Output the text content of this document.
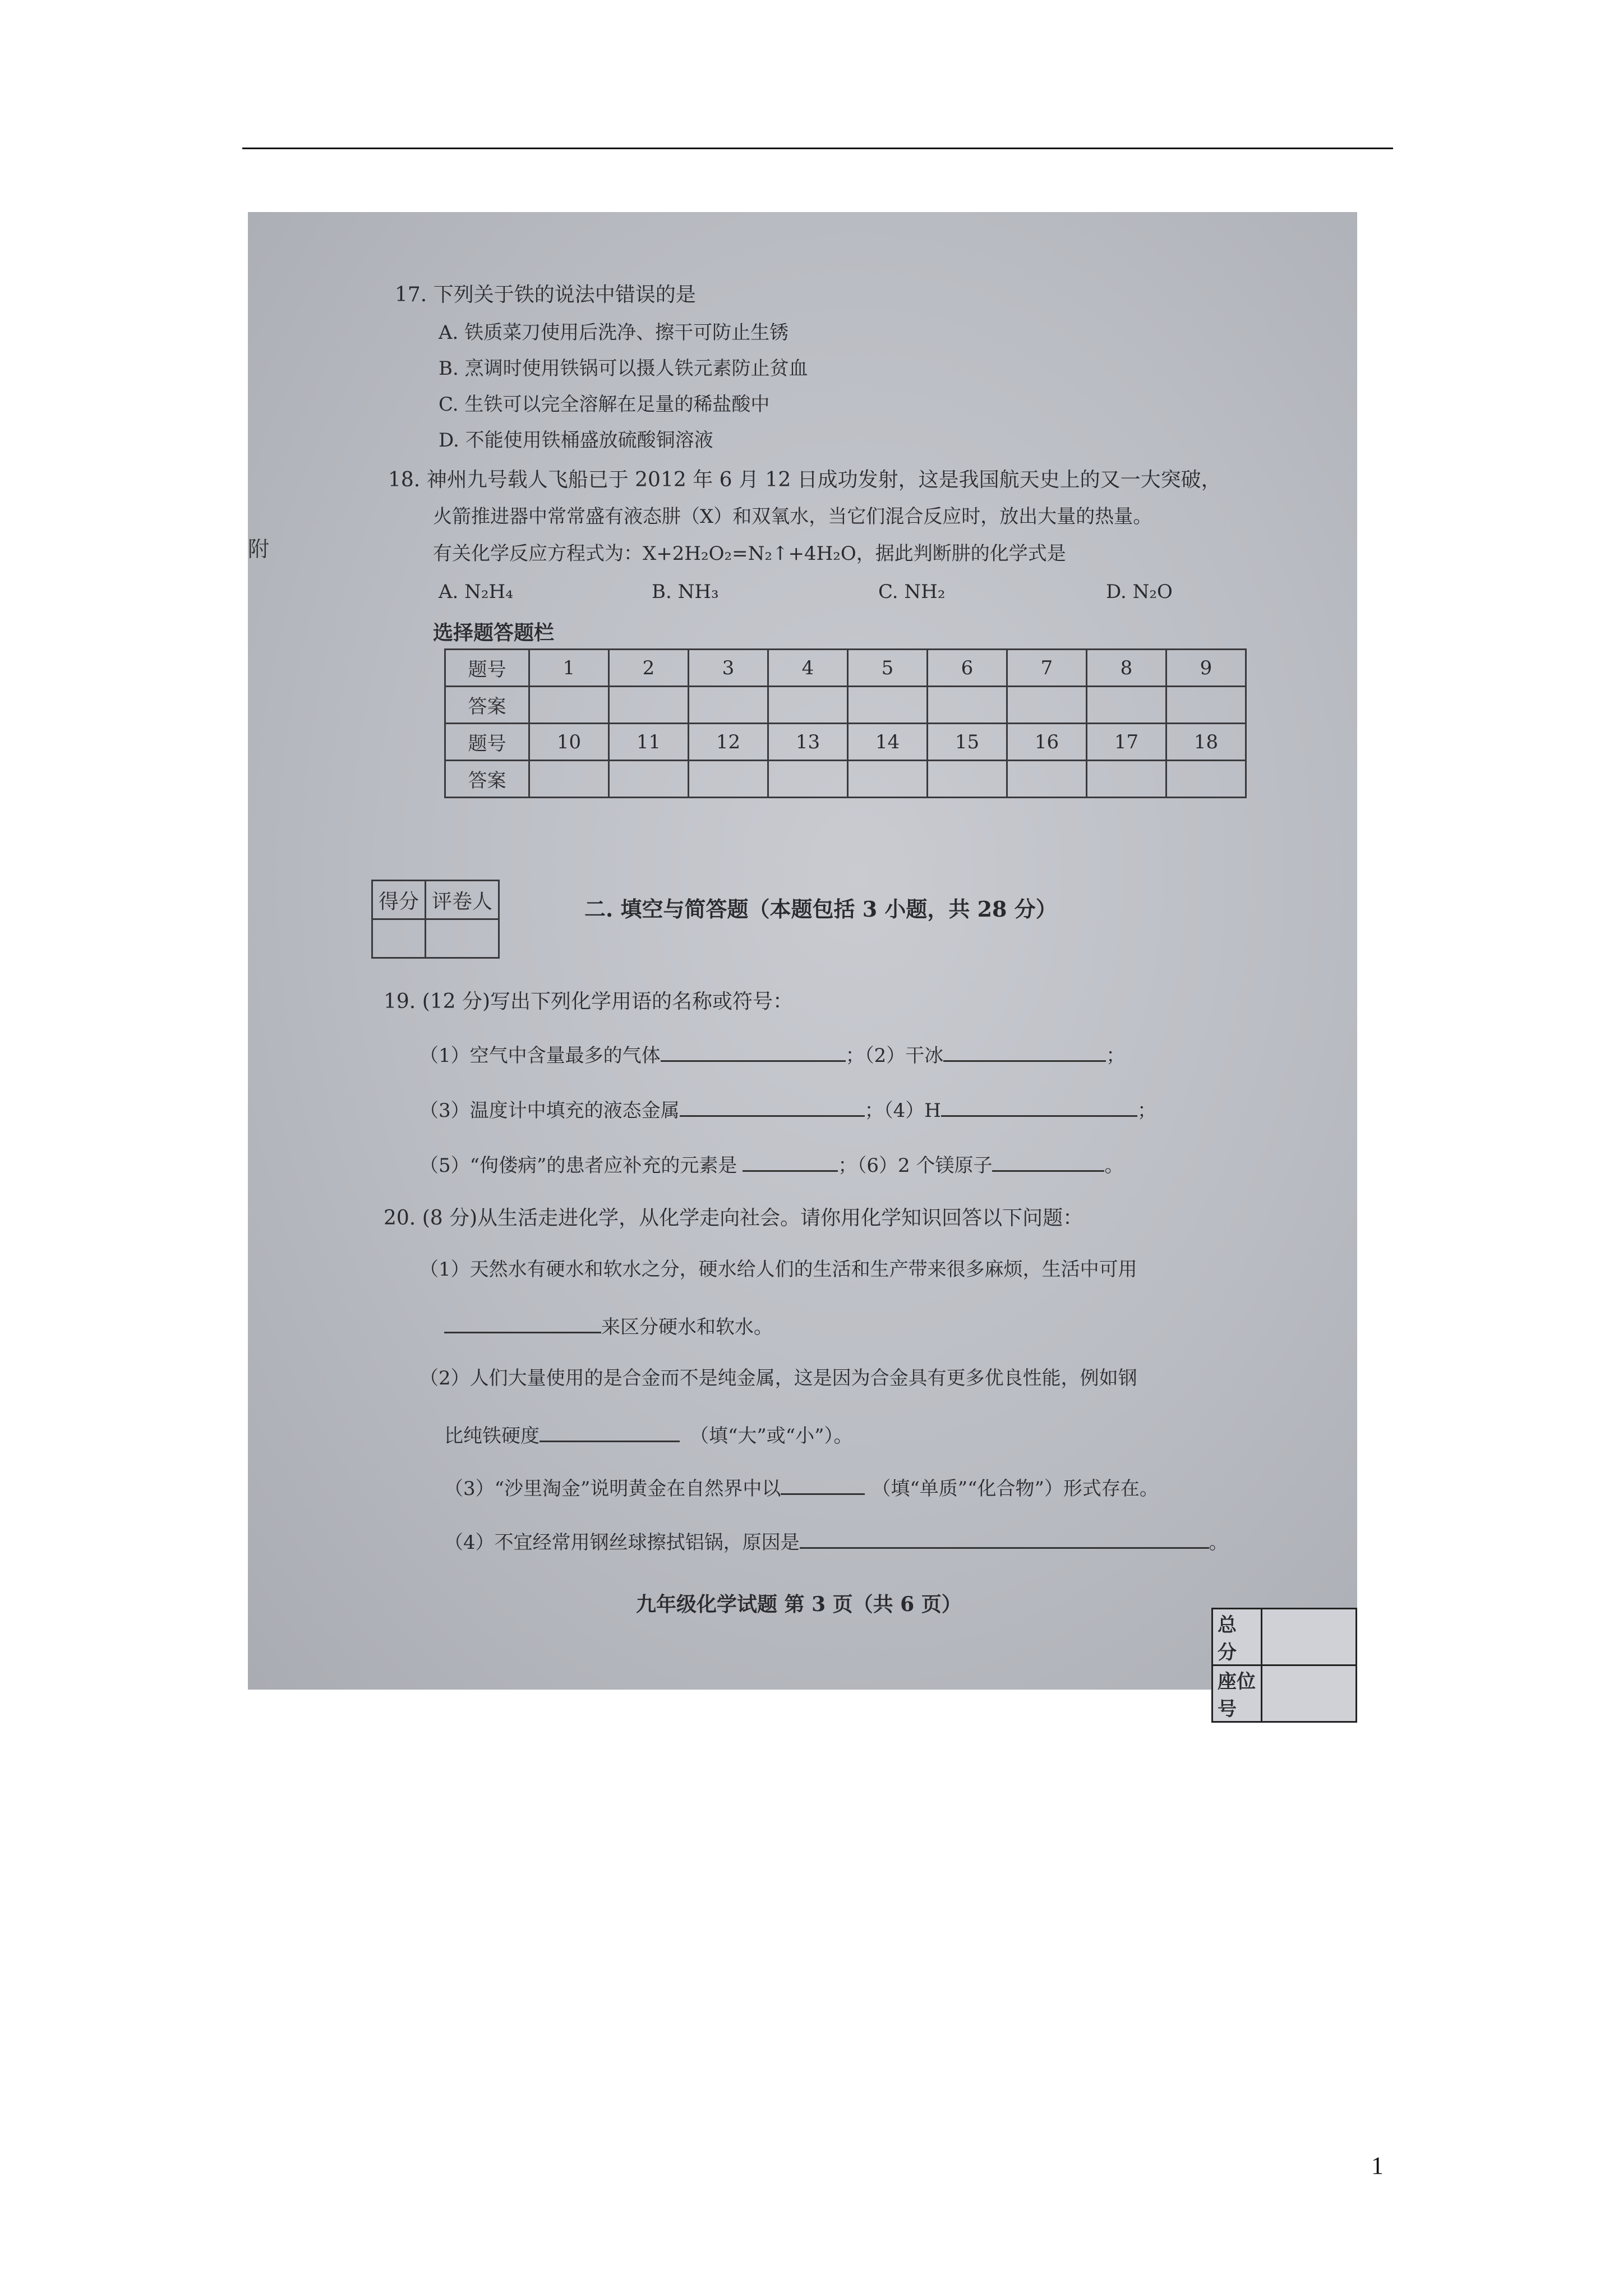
附
17. 下列关于铁的说法中错误的是
A. 铁质菜刀使用后洗净、擦干可防止生锈
B. 烹调时使用铁锅可以摄人铁元素防止贫血
C. 生铁可以完全溶解在足量的稀盐酸中
D. 不能使用铁桶盛放硫酸铜溶液
18. 神州九号载人飞船已于 2012 年 6 月 12 日成功发射，这是我国航天史上的又一大突破，
火箭推进器中常常盛有液态肼（X）和双氧水，当它们混合反应时，放出大量的热量。
有关化学反应方程式为：X+2H₂O₂=N₂↑+4H₂O，据此判断肼的化学式是
A. N₂H₄	B. NH₃	C. NH₂	D. N₂O
选择题答题栏
题号	1	2	3	4	5	6	7	8	9
答案									
题号	10	11	12	13	14	15	16	17	18
答案									
得分	评卷人
		二. 填空与简答题（本题包括 3 小题，共 28 分）
19. (12 分)写出下列化学用语的名称或符号：
（1）空气中含量最多的气体	；（2）干冰	；
（3）温度计中填充的液态金属	；（4）H	；
（5）“佝偻病”的患者应补充的元素是	；（6）2 个镁原子	。
20. (8 分)从生活走进化学，从化学走向社会。请你用化学知识回答以下问题：
（1）天然水有硬水和软水之分，硬水给人们的生活和生产带来很多麻烦，生活中可用
来区分硬水和软水。
（2）人们大量使用的是合金而不是纯金属，这是因为合金具有更多优良性能，例如钢
比纯铁硬度	（填“大”或“小”）。
（3）“沙里淘金”说明黄金在自然界中以	（填“单质”“化合物”）形式存在。
（4）不宜经常用钢丝球擦拭铝锅，原因是	。
九年级化学试题 第 3 页（共 6 页）
总 分	
座位号	
1
